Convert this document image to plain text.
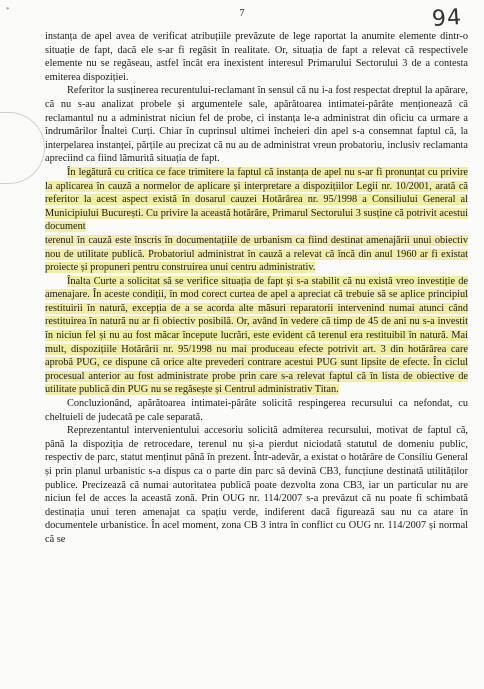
*	7	94

instanța de apel avea de verificat atribuțiile prevăzute de lege raportat la anumite elemente dintr-o situație de fapt, dacă ele s-ar fi regăsit în realitate. Or, situația de fapt a relevat că respectivele elemente nu se regăseau, astfel încât era inexistent interesul Primarului Sectorului 3 de a contesta emiterea dispoziției.

Referitor la susținerea recurentului-reclamant în sensul că nu i-a fost respectat dreptul la apărare, că nu s-au analizat probele și argumentele sale, apărătoarea intimatei-pârâte menționează că reclamantul nu a administrat niciun fel de probe, ci instanța le-a administrat din oficiu ca urmare a îndrumărilor Înaltei Curți. Chiar în cuprinsul ultimei încheieri din apel s-a consemnat faptul că, la interpelarea instanței, părțile au precizat că nu au de administrat vreun probatoriu, inclusiv reclamanta apreciind ca fiind lămurită situația de fapt.

În legătură cu critica ce face trimitere la faptul că instanța de apel nu s-ar fi pronunțat cu privire la aplicarea în cauză a normelor de aplicare și interpretare a dispozițiilor Legii nr. 10/2001, arată că referitor la acest aspect există în dosarul cauzei Hotărârea nr. 95/1998 a Consiliului General al Municipiului București. Cu privire la această hotărâre, Primarul Sectorului 3 susține că potrivit acestui document

terenul în cauză este înscris în documentațiile de urbanism ca fiind destinat amenajării unui obiectiv nou de utilitate publică. Probatoriul administrat în cauză a relevat că încă din anul 1960 ar fi existat proiecte și propuneri pentru construirea unui centru administrativ.

Înalta Curte a solicitat să se verifice situația de fapt și s-a stabilit că nu există vreo investiție de amenajare. În aceste condiții, în mod corect curtea de apel a apreciat că trebuie să se aplice principiul restituirii în natură, excepția de a se acorda alte măsuri reparatorii intervenind numai atunci când restituirea în natură nu ar fi obiectiv posibilă. Or, având în vedere că timp de 45 de ani nu s-a investit în niciun fel și nu au fost măcar începute lucrări, este evident că terenul era restituibil în natură. Mai mult, dispozițiile Hotărârii nr. 95/1998 nu mai produceau efecte potrivit art. 3 din hotărârea care aprobă PUG, ce dispune că orice alte prevederi contrare acestui PUG sunt lipsite de efecte. În ciclul procesual anterior au fost administrate probe prin care s-a relevat faptul că în lista de obiective de utilitate publică din PUG nu se regăsește și Centrul administrativ Titan.

Concluzionând, apărătoarea intimatei-pârâte solicită respingerea recursului ca nefondat, cu cheltuieli de judecată pe cale separată.

Reprezentantul intervenientului accesoriu solicită admiterea recursului, motivat de faptul că, până la dispoziția de retrocedare, terenul nu și-a pierdut niciodată statutul de domeniu public, respectiv de parc, statut menținut până în prezent. Într-adevăr, a existat o hotărâre de Consiliu General și prin planul urbanistic s-a dispus ca o parte din parc să devină CB3, funcțiune destinată utilităților publice. Precizează că numai autoritatea publică poate dezvolta zona CB3, iar un particular nu are niciun fel de acces la această zonă. Prin OUG nr. 114/2007 s-a prevăzut că nu poate fi schimbată destinația unui teren amenajat ca spațiu verde, indiferent dacă figurează sau nu ca atare în documentele urbanistice. În acel moment, zona CB 3 intra în conflict cu OUG nr. 114/2007 și normal că se
